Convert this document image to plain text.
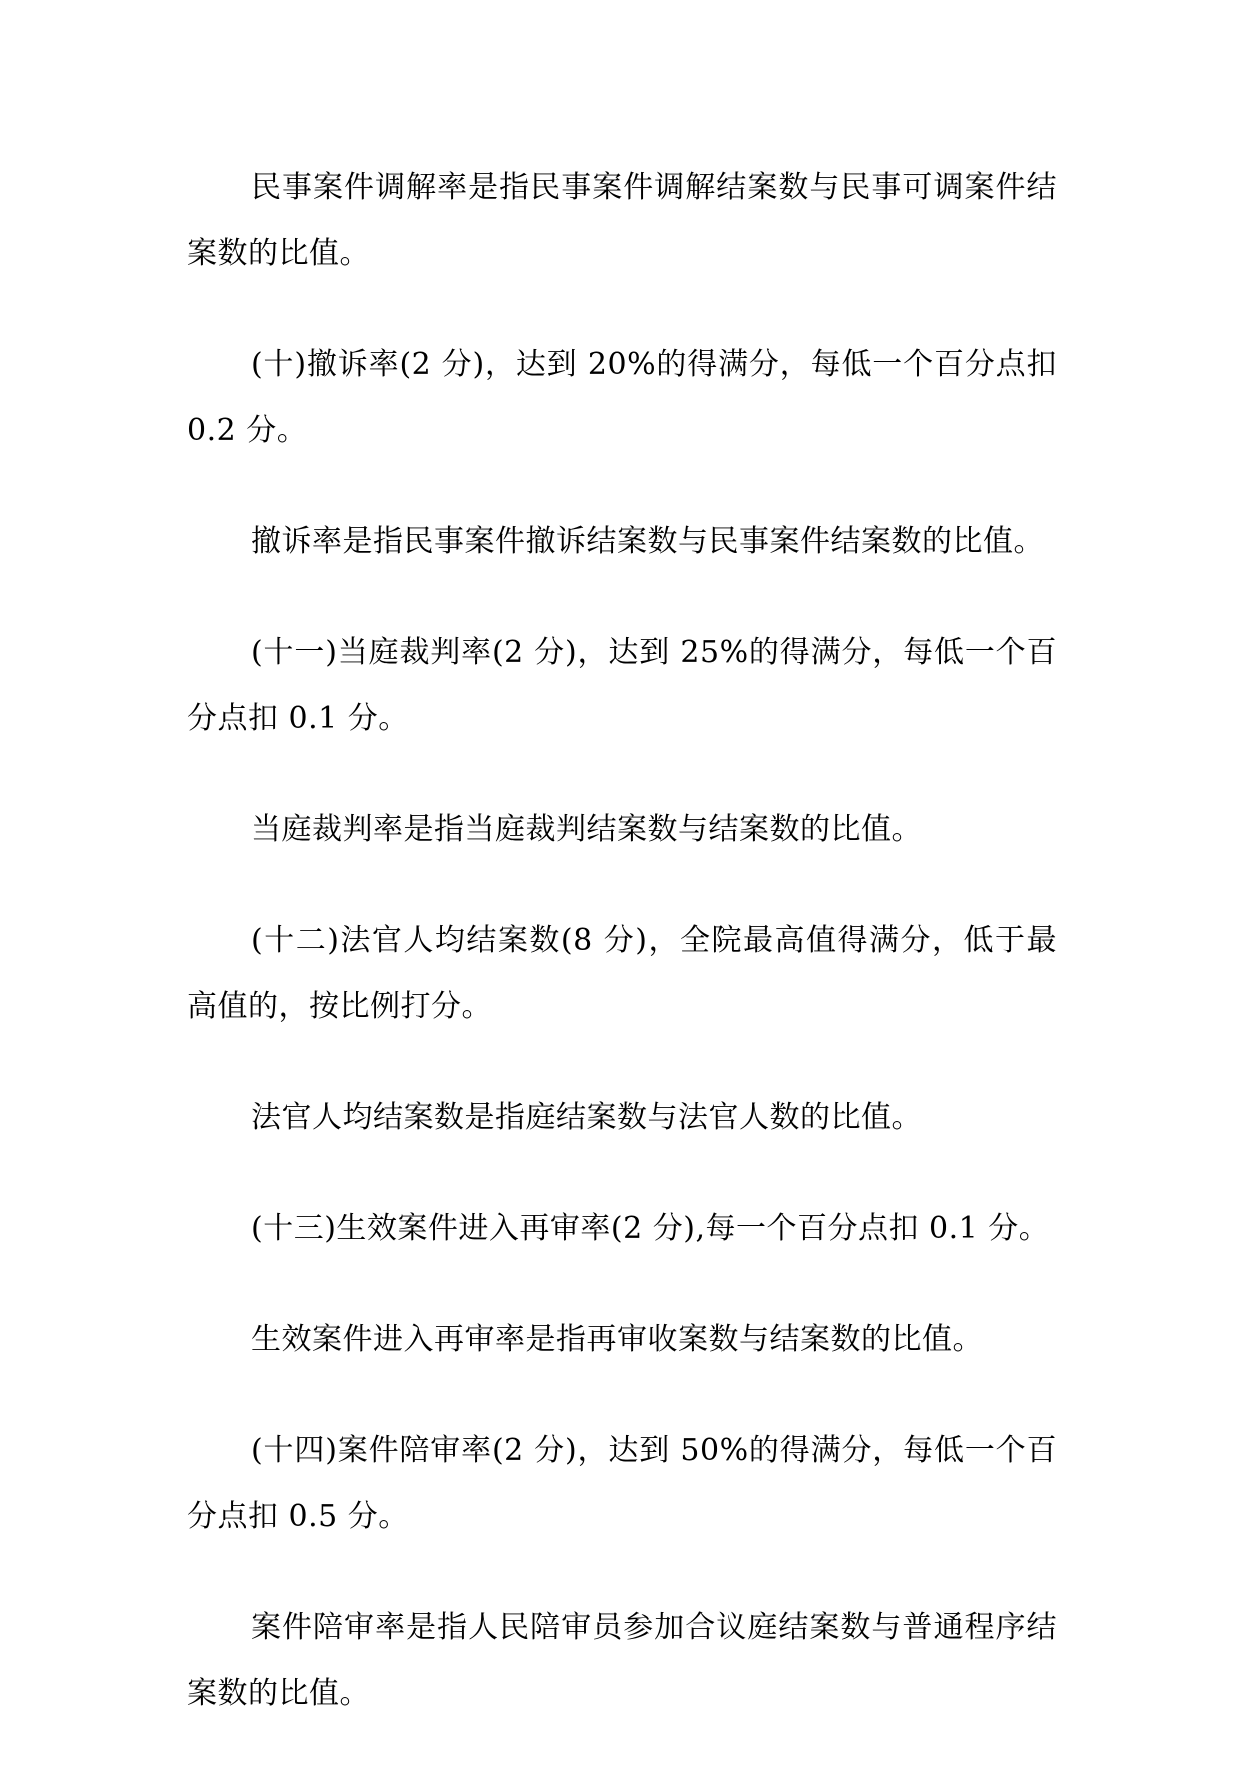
民事案件调解率是指民事案件调解结案数与民事可调案件结案数的比值。

(十)撤诉率(2 分)，达到 20%的得满分，每低一个百分点扣 0.2 分。

撤诉率是指民事案件撤诉结案数与民事案件结案数的比值。

(十一)当庭裁判率(2 分)，达到 25%的得满分，每低一个百分点扣 0.1 分。

当庭裁判率是指当庭裁判结案数与结案数的比值。

(十二)法官人均结案数(8 分)，全院最高值得满分，低于最高值的，按比例打分。

法官人均结案数是指庭结案数与法官人数的比值。

(十三)生效案件进入再审率(2 分),每一个百分点扣 0.1 分。

生效案件进入再审率是指再审收案数与结案数的比值。

(十四)案件陪审率(2 分)，达到 50%的得满分，每低一个百分点扣 0.5 分。

案件陪审率是指人民陪审员参加合议庭结案数与普通程序结案数的比值。
